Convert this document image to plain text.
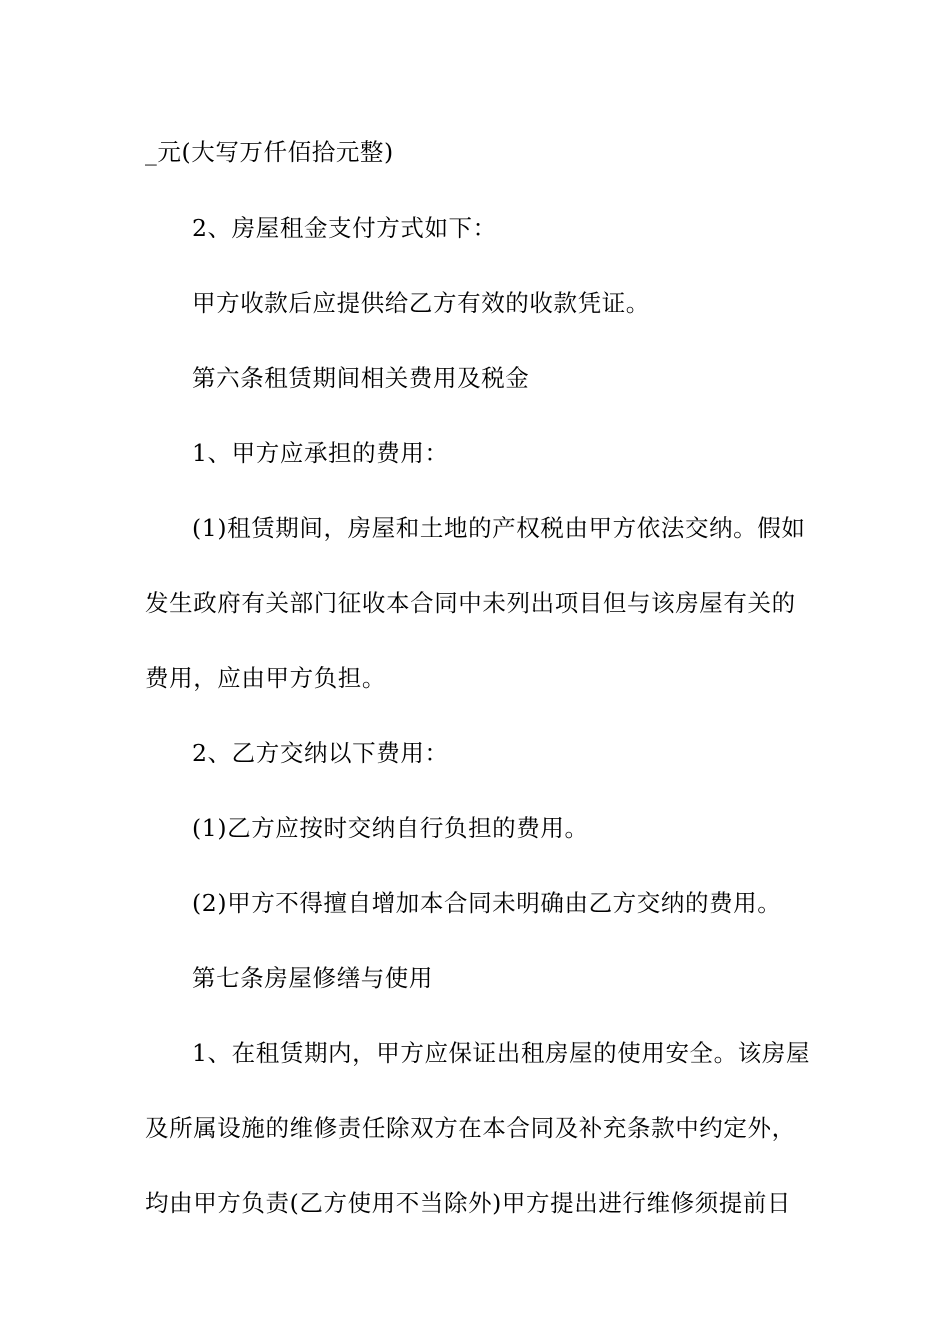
_元(大写万仟佰拾元整)
2、房屋租金支付方式如下：
甲方收款后应提供给乙方有效的收款凭证。
第六条租赁期间相关费用及税金
1、甲方应承担的费用：
(1)租赁期间，房屋和土地的产权税由甲方依法交纳。假如
发生政府有关部门征收本合同中未列出项目但与该房屋有关的
费用，应由甲方负担。
2、乙方交纳以下费用：
(1)乙方应按时交纳自行负担的费用。
(2)甲方不得擅自增加本合同未明确由乙方交纳的费用。
第七条房屋修缮与使用
1、在租赁期内，甲方应保证出租房屋的使用安全。该房屋
及所属设施的维修责任除双方在本合同及补充条款中约定外，
均由甲方负责(乙方使用不当除外)甲方提出进行维修须提前日
